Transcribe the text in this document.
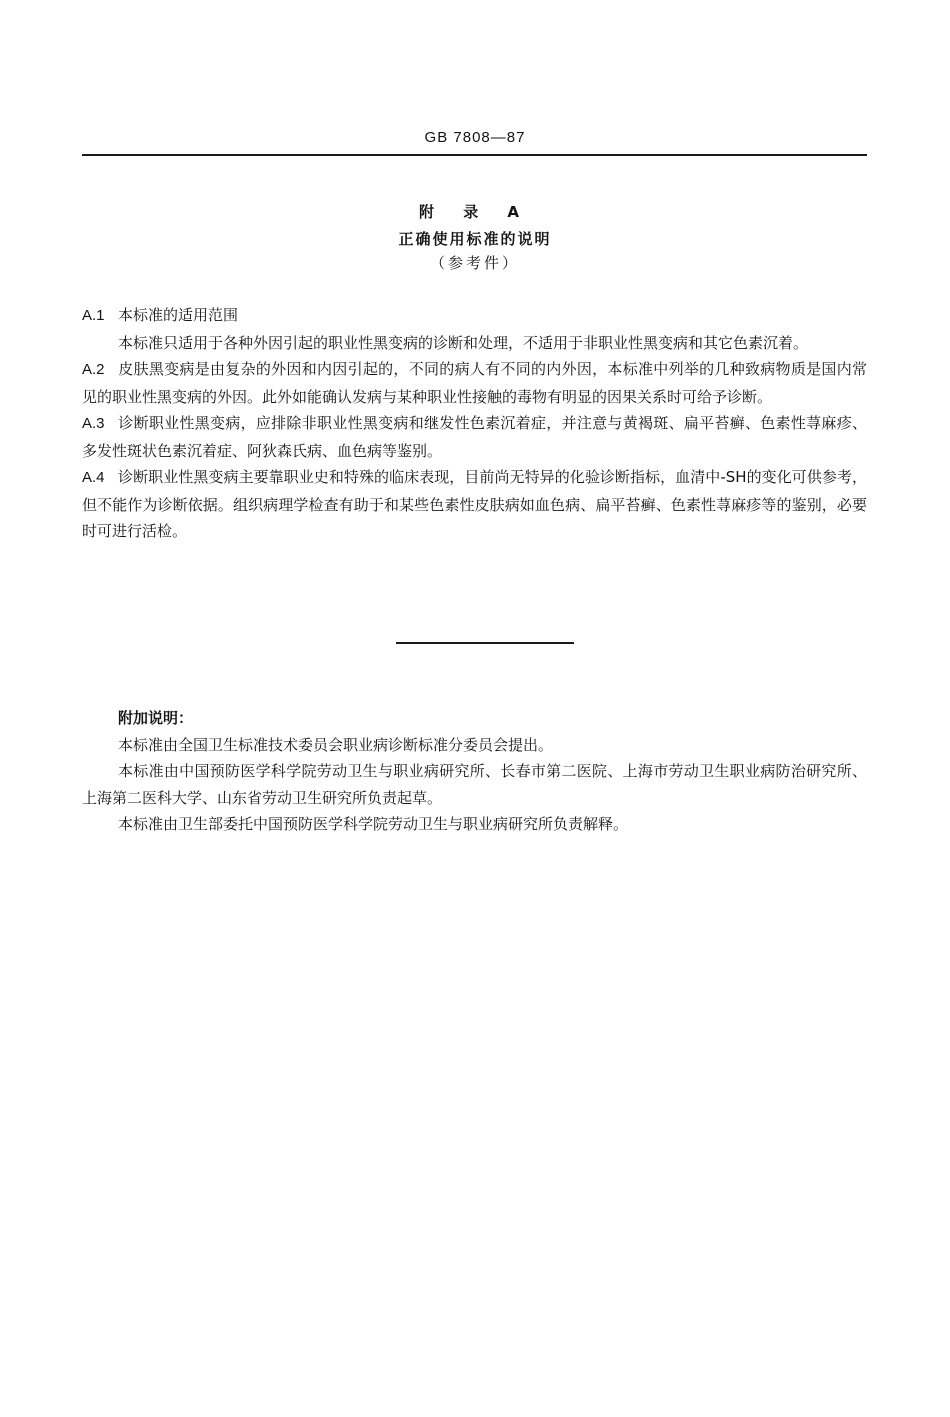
GB 7808—87
附 录 A
正确使用标准的说明
（参考件）

A.1 本标准的适用范围

本标准只适用于各种外因引起的职业性黑变病的诊断和处理，不适用于非职业性黑变病和其它色素沉着。

A.2 皮肤黑变病是由复杂的外因和内因引起的，不同的病人有不同的内外因，本标准中列举的几种致病物质是国内常见的职业性黑变病的外因。此外如能确认发病与某种职业性接触的毒物有明显的因果关系时可给予诊断。

A.3 诊断职业性黑变病，应排除非职业性黑变病和继发性色素沉着症，并注意与黄褐斑、扁平苔癣、色素性荨麻疹、多发性斑状色素沉着症、阿狄森氏病、血色病等鉴别。

A.4 诊断职业性黑变病主要靠职业史和特殊的临床表现，目前尚无特异的化验诊断指标，血清中-SH的变化可供参考，但不能作为诊断依据。组织病理学检查有助于和某些色素性皮肤病如血色病、扁平苔癣、色素性荨麻疹等的鉴别，必要时可进行活检。

附加说明：

本标准由全国卫生标准技术委员会职业病诊断标准分委员会提出。

本标准由中国预防医学科学院劳动卫生与职业病研究所、长春市第二医院、上海市劳动卫生职业病防治研究所、上海第二医科大学、山东省劳动卫生研究所负责起草。

本标准由卫生部委托中国预防医学科学院劳动卫生与职业病研究所负责解释。
